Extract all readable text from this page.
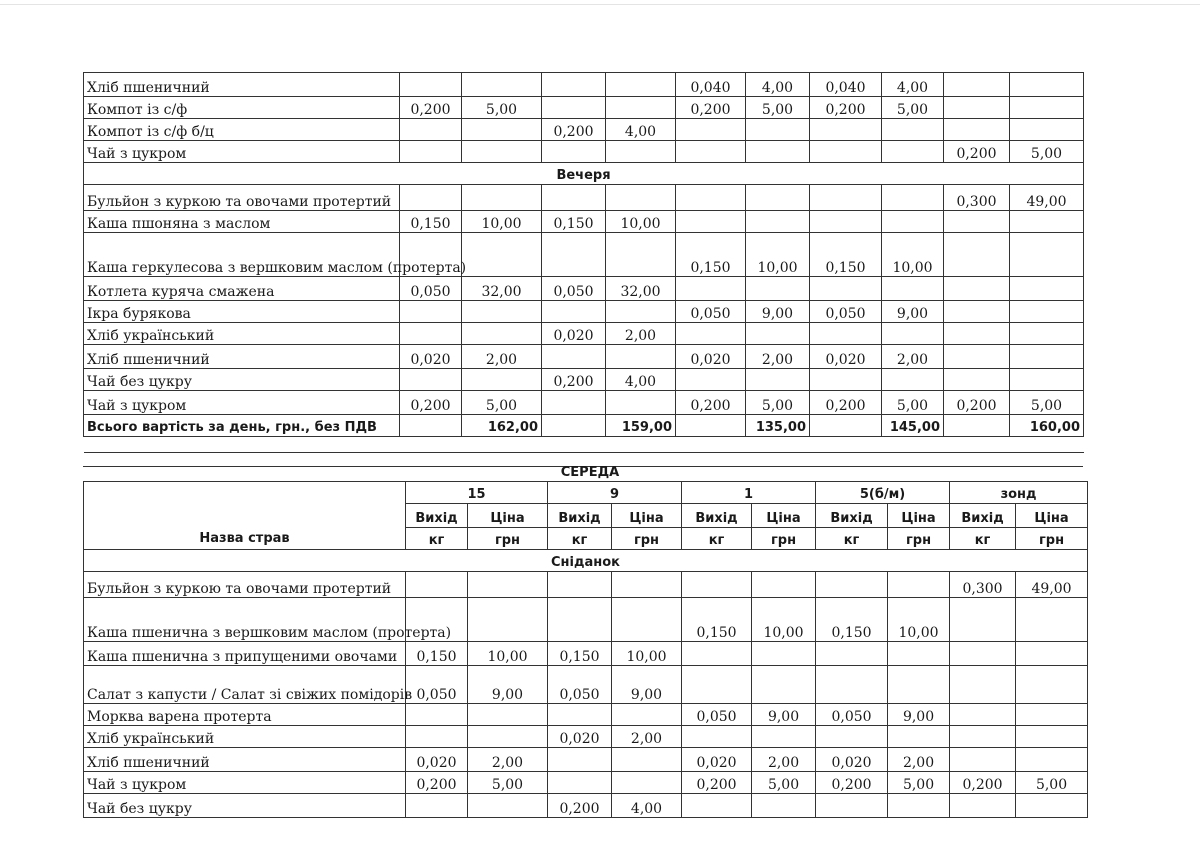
Хліб пшеничний					0,040	4,00	0,040	4,00		
Компот із с/ф	0,200	5,00			0,200	5,00	0,200	5,00		
Компот із с/ф б/ц			0,200	4,00						
Чай з цукром									0,200	5,00
Вечеря										
Бульйон з куркою та овочами протертий									0,300	49,00
Каша пшоняна з маслом	0,150	10,00	0,150	10,00						
Каша геркулесова з вершковим маслом (протерта)					0,150	10,00	0,150	10,00		
Котлета куряча смажена	0,050	32,00	0,050	32,00						
Ікра бурякова					0,050	9,00	0,050	9,00		
Хліб український			0,020	2,00						
Хліб пшеничний	0,020	2,00			0,020	2,00	0,020	2,00		
Чай без цукру			0,200	4,00						
Чай з цукром	0,200	5,00			0,200	5,00	0,200	5,00	0,200	5,00
Всього вартість за день, грн., без ПДВ		162,00		159,00		135,00		145,00		160,00

СЕРЕДА
Назва страв	15		9		1		5(б/м)		зонд	
	Вихід	Ціна	Вихід	Ціна	Вихід	Ціна	Вихід	Ціна	Вихід	Ціна
	кг	грн	кг	грн	кг	грн	кг	грн	кг	грн
Сніданок										
Бульйон з куркою та овочами протертий									0,300	49,00
Каша пшенична з вершковим маслом (протерта)					0,150	10,00	0,150	10,00		
Каша пшенична з припущеними овочами	0,150	10,00	0,150	10,00						
Салат з капусти / Салат зі свіжих помідорів	0,050	9,00	0,050	9,00						
Морква варена протерта					0,050	9,00	0,050	9,00		
Хліб український			0,020	2,00						
Хліб пшеничний	0,020	2,00			0,020	2,00	0,020	2,00		
Чай з цукром	0,200	5,00			0,200	5,00	0,200	5,00	0,200	5,00
Чай без цукру			0,200	4,00						
